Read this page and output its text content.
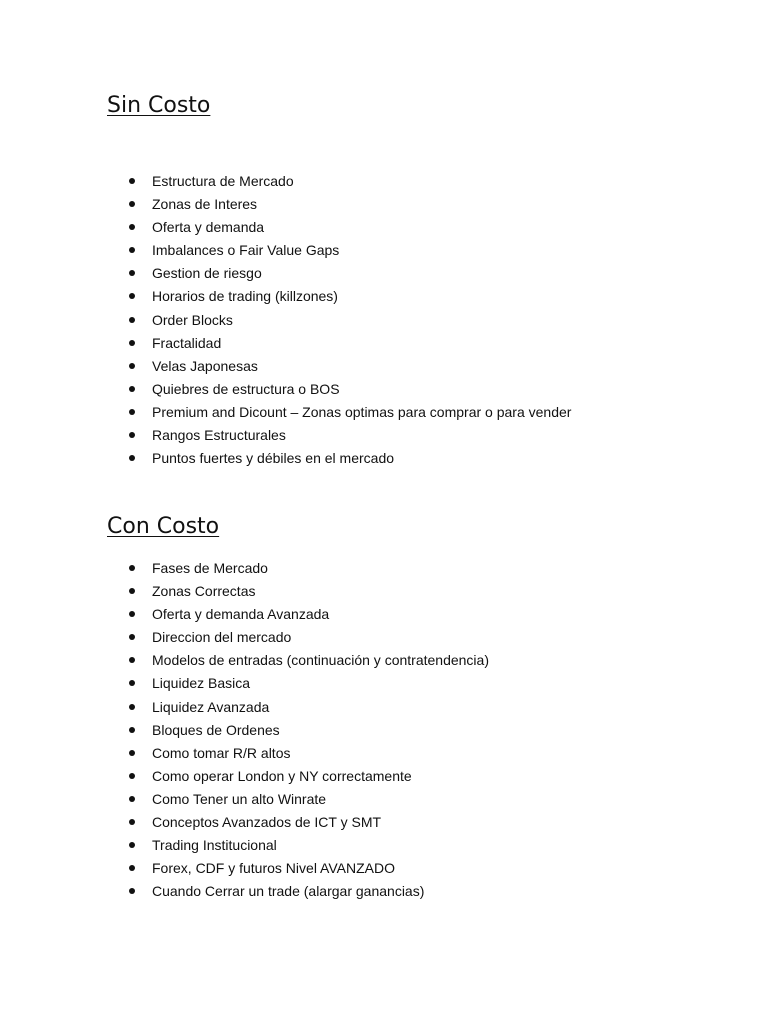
Sin Costo
Estructura de Mercado
Zonas de Interes
Oferta y demanda
Imbalances o Fair Value Gaps
Gestion de riesgo
Horarios de trading (killzones)
Order Blocks
Fractalidad
Velas Japonesas
Quiebres de estructura o BOS
Premium and Dicount – Zonas optimas para comprar o para vender
Rangos Estructurales
Puntos fuertes y débiles en el mercado
Con Costo
Fases de Mercado
Zonas Correctas
Oferta y demanda Avanzada
Direccion del mercado
Modelos de entradas (continuación y contratendencia)
Liquidez Basica
Liquidez Avanzada
Bloques de Ordenes
Como tomar R/R altos
Como operar London y NY correctamente
Como Tener un alto Winrate
Conceptos Avanzados de ICT y SMT
Trading Institucional
Forex, CDF y futuros Nivel AVANZADO
Cuando Cerrar un trade (alargar ganancias)
